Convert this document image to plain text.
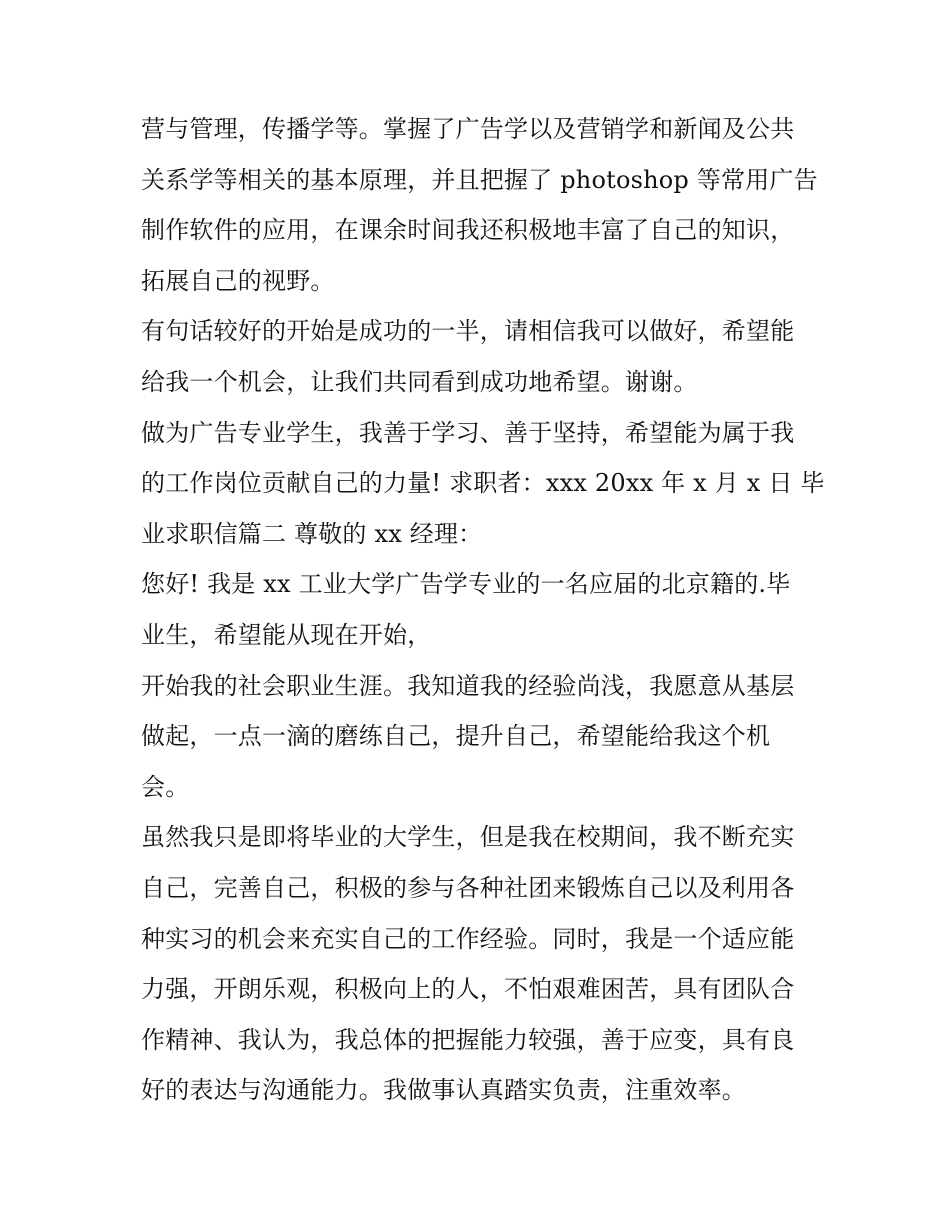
营与管理，传播学等。掌握了广告学以及营销学和新闻及公共
关系学等相关的基本原理，并且把握了 photoshop 等常用广告
制作软件的应用，在课余时间我还积极地丰富了自己的知识，
拓展自己的视野。
有句话较好的开始是成功的一半，请相信我可以做好，希望能
给我一个机会，让我们共同看到成功地希望。谢谢。
做为广告专业学生，我善于学习、善于坚持，希望能为属于我
的工作岗位贡献自己的力量! 求职者：xxx 20xx 年 x 月 x 日 毕
业求职信篇二 尊敬的 xx 经理：
您好! 我是 xx 工业大学广告学专业的一名应届的北京籍的.毕
业生，希望能从现在开始，
开始我的社会职业生涯。我知道我的经验尚浅，我愿意从基层
做起，一点一滴的磨练自己，提升自己，希望能给我这个机
会。
虽然我只是即将毕业的大学生，但是我在校期间，我不断充实
自己，完善自己，积极的参与各种社团来锻炼自己以及利用各
种实习的机会来充实自己的工作经验。同时，我是一个适应能
力强，开朗乐观，积极向上的人，不怕艰难困苦，具有团队合
作精神、我认为，我总体的把握能力较强，善于应变，具有良
好的表达与沟通能力。我做事认真踏实负责，注重效率。
